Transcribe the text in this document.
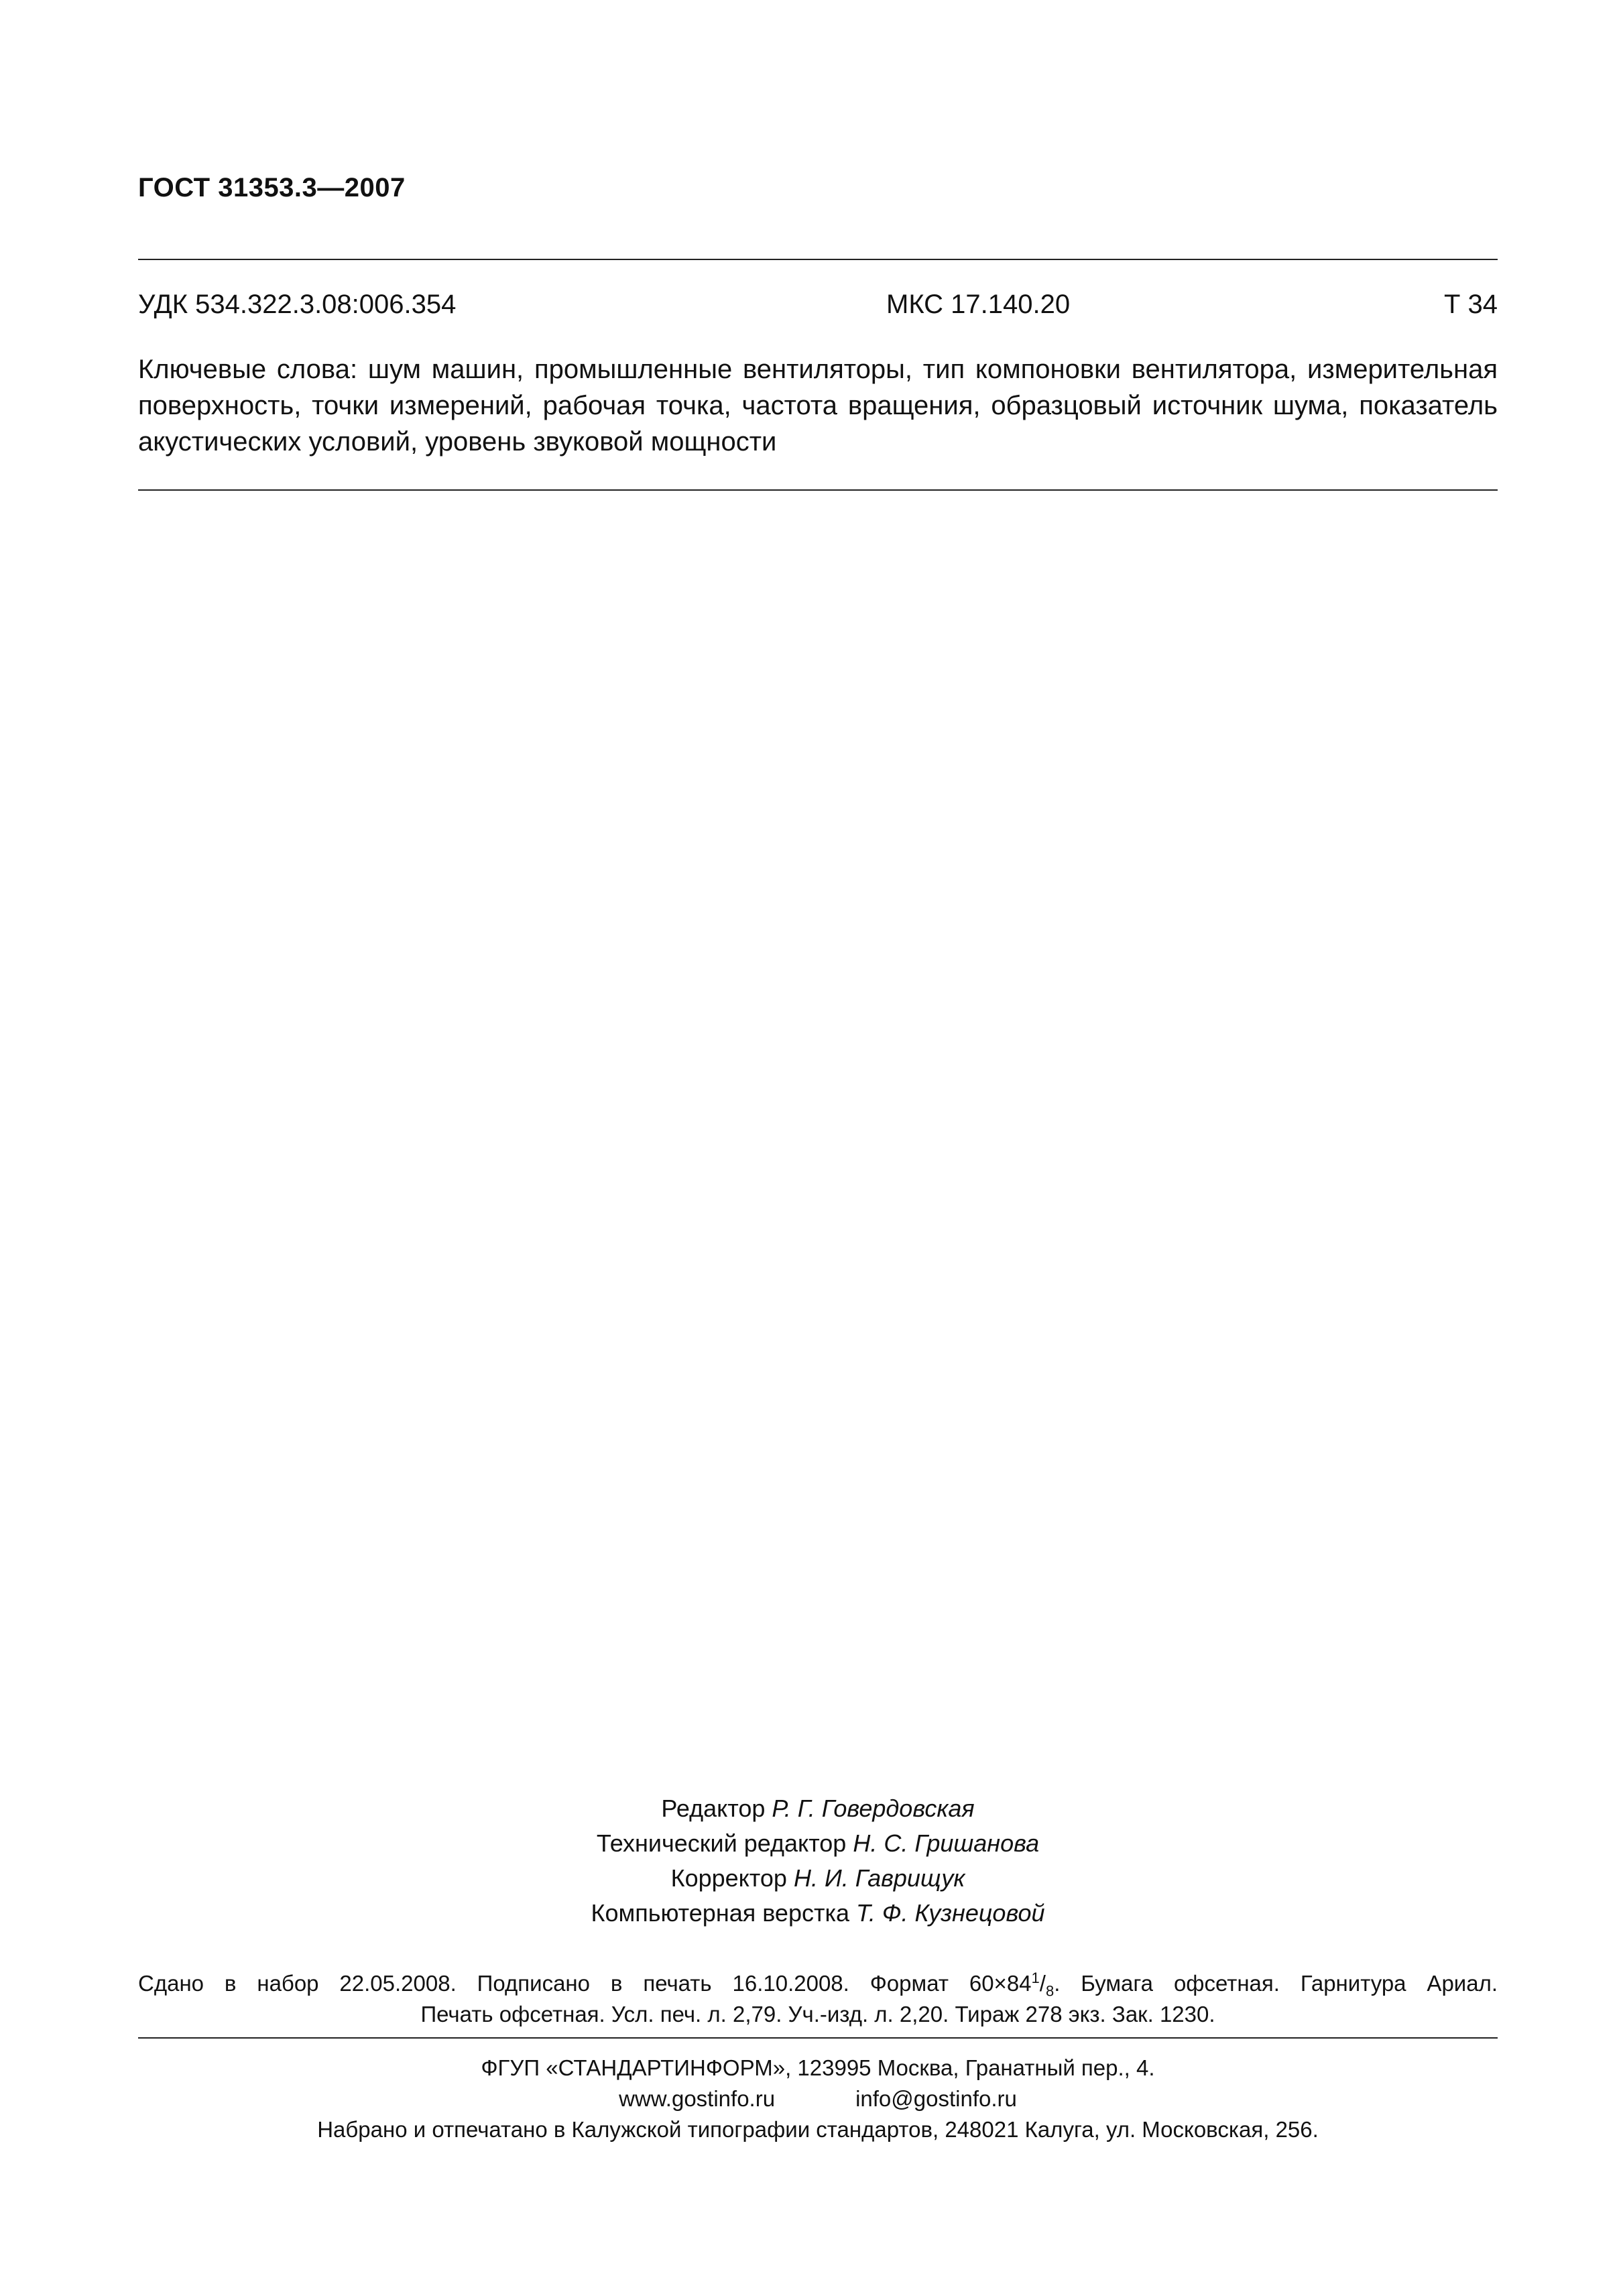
ГОСТ 31353.3—2007
УДК 534.322.3.08:006.354	МКС 17.140.20	Т 34
Ключевые слова: шум машин, промышленные вентиляторы, тип компоновки вентилятора, измерительная
поверхность, точки измерений, рабочая точка, частота вращения, образцовый источник шума, показатель
акустических условий, уровень звуковой мощности
Редактор Р. Г. Говердовская
Технический редактор Н. С. Гришанова
Корректор Н. И. Гаврищук
Компьютерная верстка Т. Ф. Кузнецовой
Сдано в набор 22.05.2008. Подписано в печать 16.10.2008. Формат $60\times 84^1/_8$. Бумага офсетная. Гарнитура Ариал.
Печать офсетная. Усл. печ. л. 2,79. Уч.-изд. л. 2,20. Тираж 278 экз. Зак. 1230.
ФГУП «СТАНДАРТИНФОРМ», 123995 Москва, Гранатный пер., 4.
www.gostinfo.ru	info@gostinfo.ru
Набрано и отпечатано в Калужской типографии стандартов, 248021 Калуга, ул. Московская, 256.
